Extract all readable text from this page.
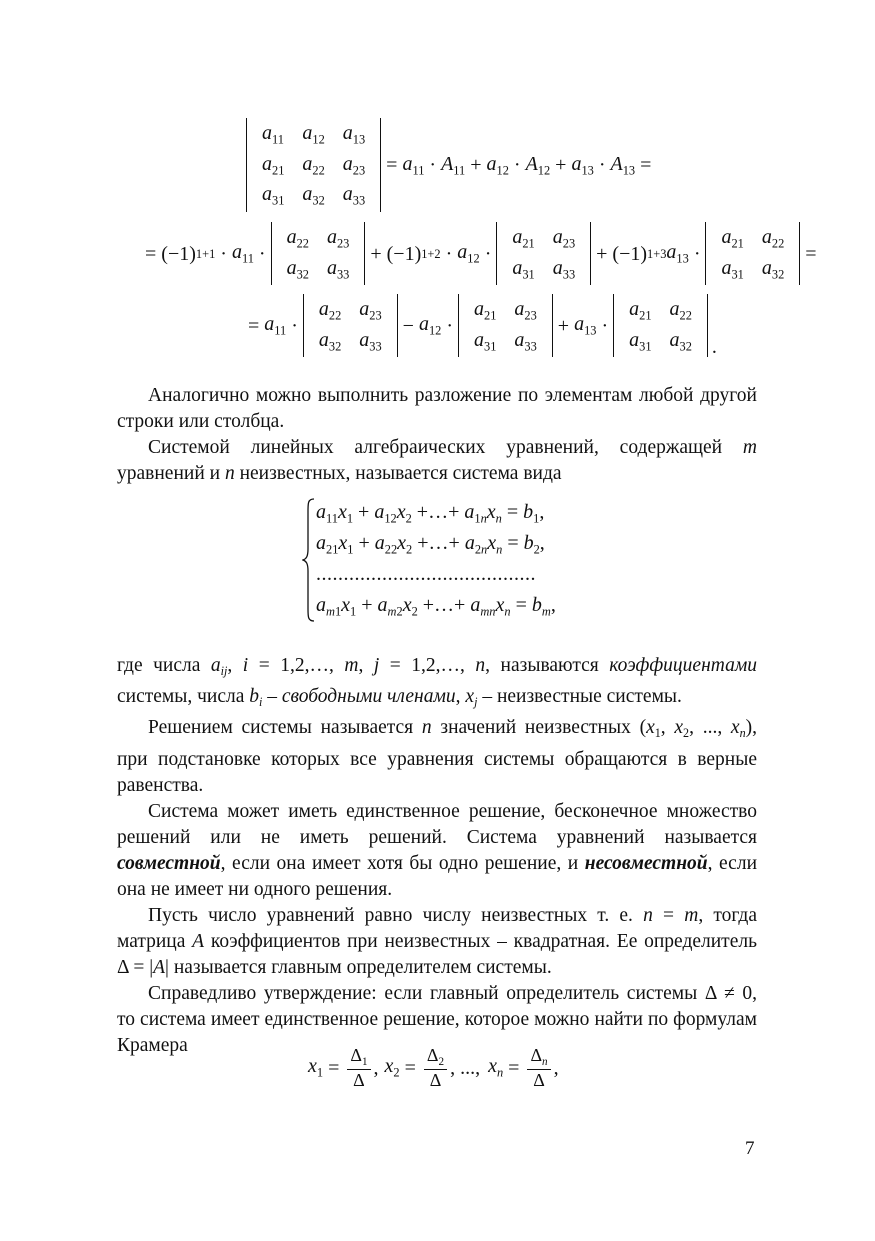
$a_{11}$	$a_{12}$	$a_{13}$
$a_{21}$	$a_{22}$	$a_{23}$
$a_{31}$	$a_{32}$	$a_{33}$
= $a_{11} \cdot A_{11} + a_{12} \cdot A_{12} + a_{13} \cdot A_{13}$ =
= (−1) $1+1 \cdot a_{11}$ ·
$a_{22}$	$a_{23}$
$a_{32}$	$a_{33}$
+ (−1) $1+2 \cdot a_{12}$ ·
$a_{21}$	$a_{23}$
$a_{31}$	$a_{33}$
+ (−1) 1+3 $a_{13}$ ·
$a_{21}$	$a_{22}$
$a_{31}$	$a_{32}$
=
= $a_{11}$ ·
$a_{22}$	$a_{23}$
$a_{32}$	$a_{33}$
− $a_{12}$ ·
$a_{21}$	$a_{23}$
$a_{31}$	$a_{33}$
+ $a_{13}$ ·
$a_{21}$	$a_{22}$
$a_{31}$	$a_{32}$ .

Аналогично можно выполнить разложение по элементам любой другой строки или столбца.

Системой линейных алгебраических уравнений, содержащей m уравнений и n неизвестных, называется система вида

$a_{11}x_1 + a_{12}x_2$ +…+ $a_{1n}x_n = b_1$,
$a_{21}x_1 + a_{22}x_2$ +…+ $a_{2n}x_n = b_2$,
........................................
$a_{m1}x_1 + a_{m2}x_2$ +…+ $a_{mn}x_n = b_m$,

где числа $a_{ij}$, i = 1,2,…, m, j = 1,2,…, n, называются коэффициентами системы, числа $b_i$ – свободными членами, $x_j$ – неизвестные системы.

Решением системы называется n значений неизвестных ($x_1$, $x_2$, ..., $x_n$), при подстановке которых все уравнения системы обращаются в верные равенства.

Система может иметь единственное решение, бесконечное множество решений или не иметь решений. Система уравнений называется совместной, если она имеет хотя бы одно решение, и несовместной, если она не имеет ни одного решения.

Пусть число уравнений равно числу неизвестных т. е. n = m, тогда матрица A коэффициентов при неизвестных – квадратная. Ее определитель Δ = |A| называется главным определителем системы.

Справедливо утверждение: если главный определитель системы Δ ≠ 0, то система имеет единственное решение, которое можно найти по формулам Крамера

$x_1 = \frac{\Delta_1}{\Delta}$ , $x_2 = \frac{\Delta_2}{\Delta}$ , ..., $x_n = \frac{\Delta_n}{\Delta}$ ,
7
